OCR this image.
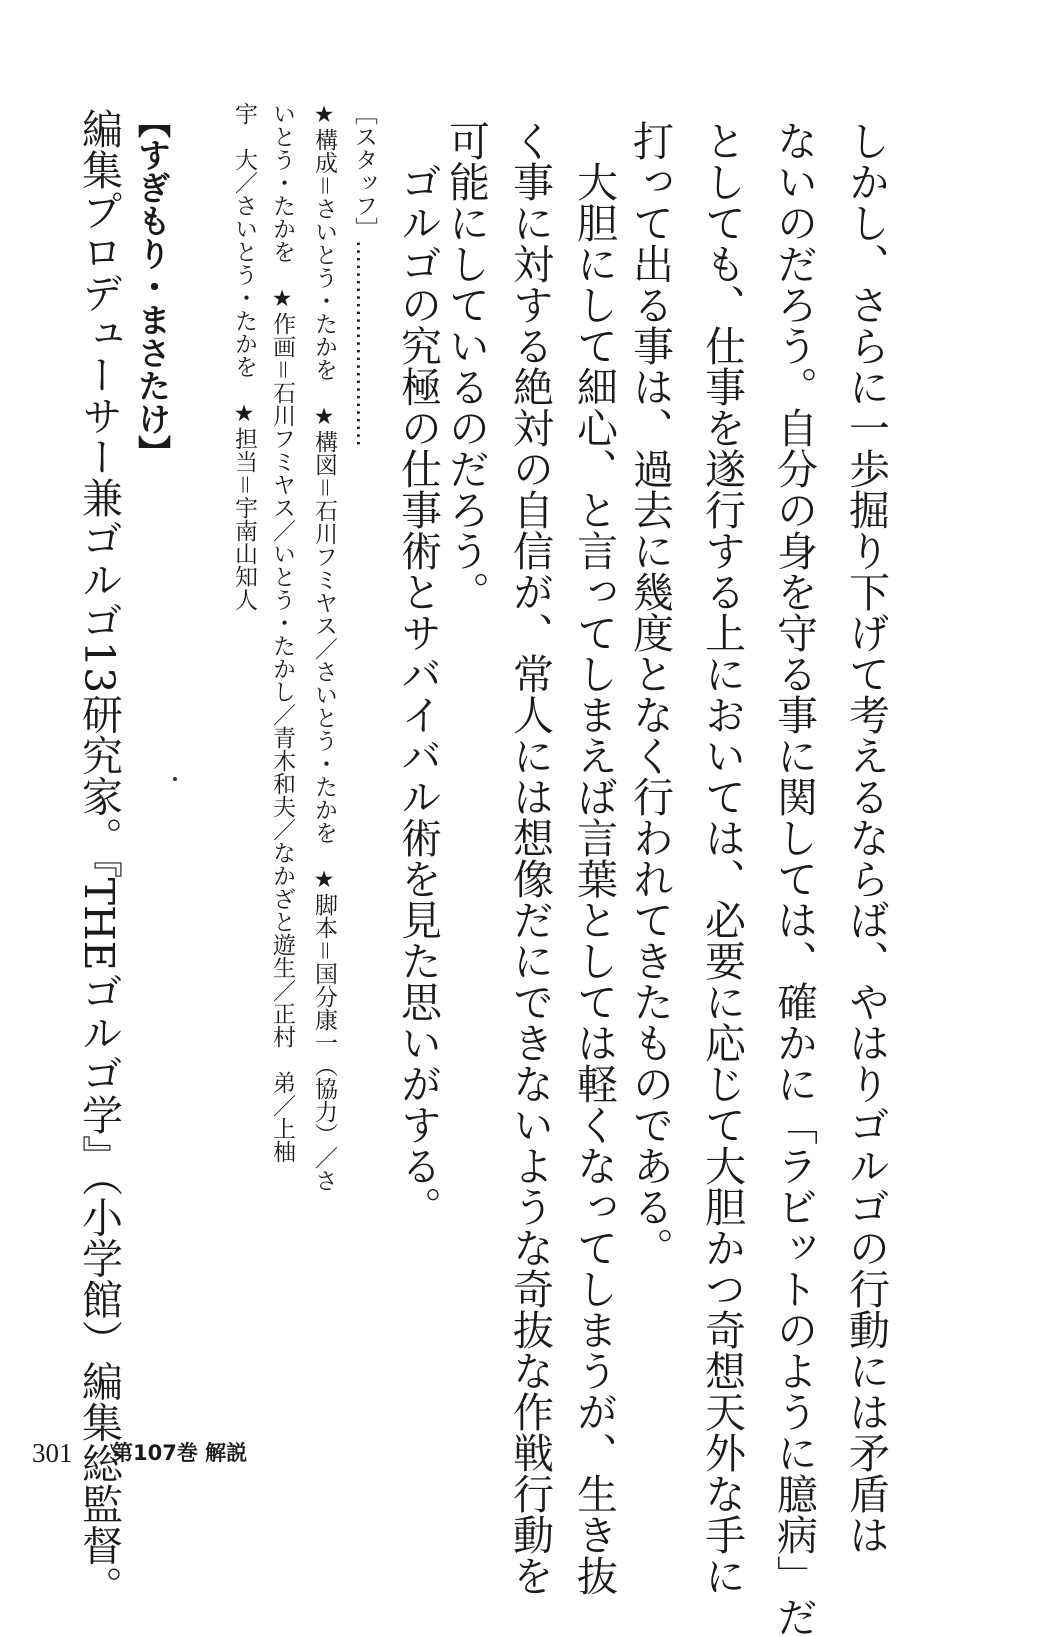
しかし、さらに一歩掘り下げて考えるならば、やはりゴルゴの行動には矛盾は

ないのだろう。自分の身を守る事に関しては、確かに「ラビットのように臆病」だ

としても、仕事を遂行する上においては、必要に応じて大胆かつ奇想天外な手に

打って出る事は、過去に幾度となく行われてきたものである。

　大胆にして細心、と言ってしまえば言葉としては軽くなってしまうが、生き抜

く事に対する絶対の自信が、常人には想像だにできないような奇抜な作戦行動を

可能にしているのだろう。

　ゴルゴの究極の仕事術とサバイバル術を見た思いがする。

［スタッフ］………………………

★構成＝さいとう・たかを　★構図＝石川フミヤス／さいとう・たかを　★脚本＝国分康一（協力）／さ

いとう・たかを　★作画＝石川フミヤス／いとう・たかし／青木和夫／なかざと遊生／正村　弟／上柚

宇　大／さいとう・たかを　★担当＝宇南山知人

【すぎもり・まさたけ】

編集プロデューサー兼ゴルゴ13研究家。『THEゴルゴ学』（小学館）編集総監督。

301 第107巻 解説
